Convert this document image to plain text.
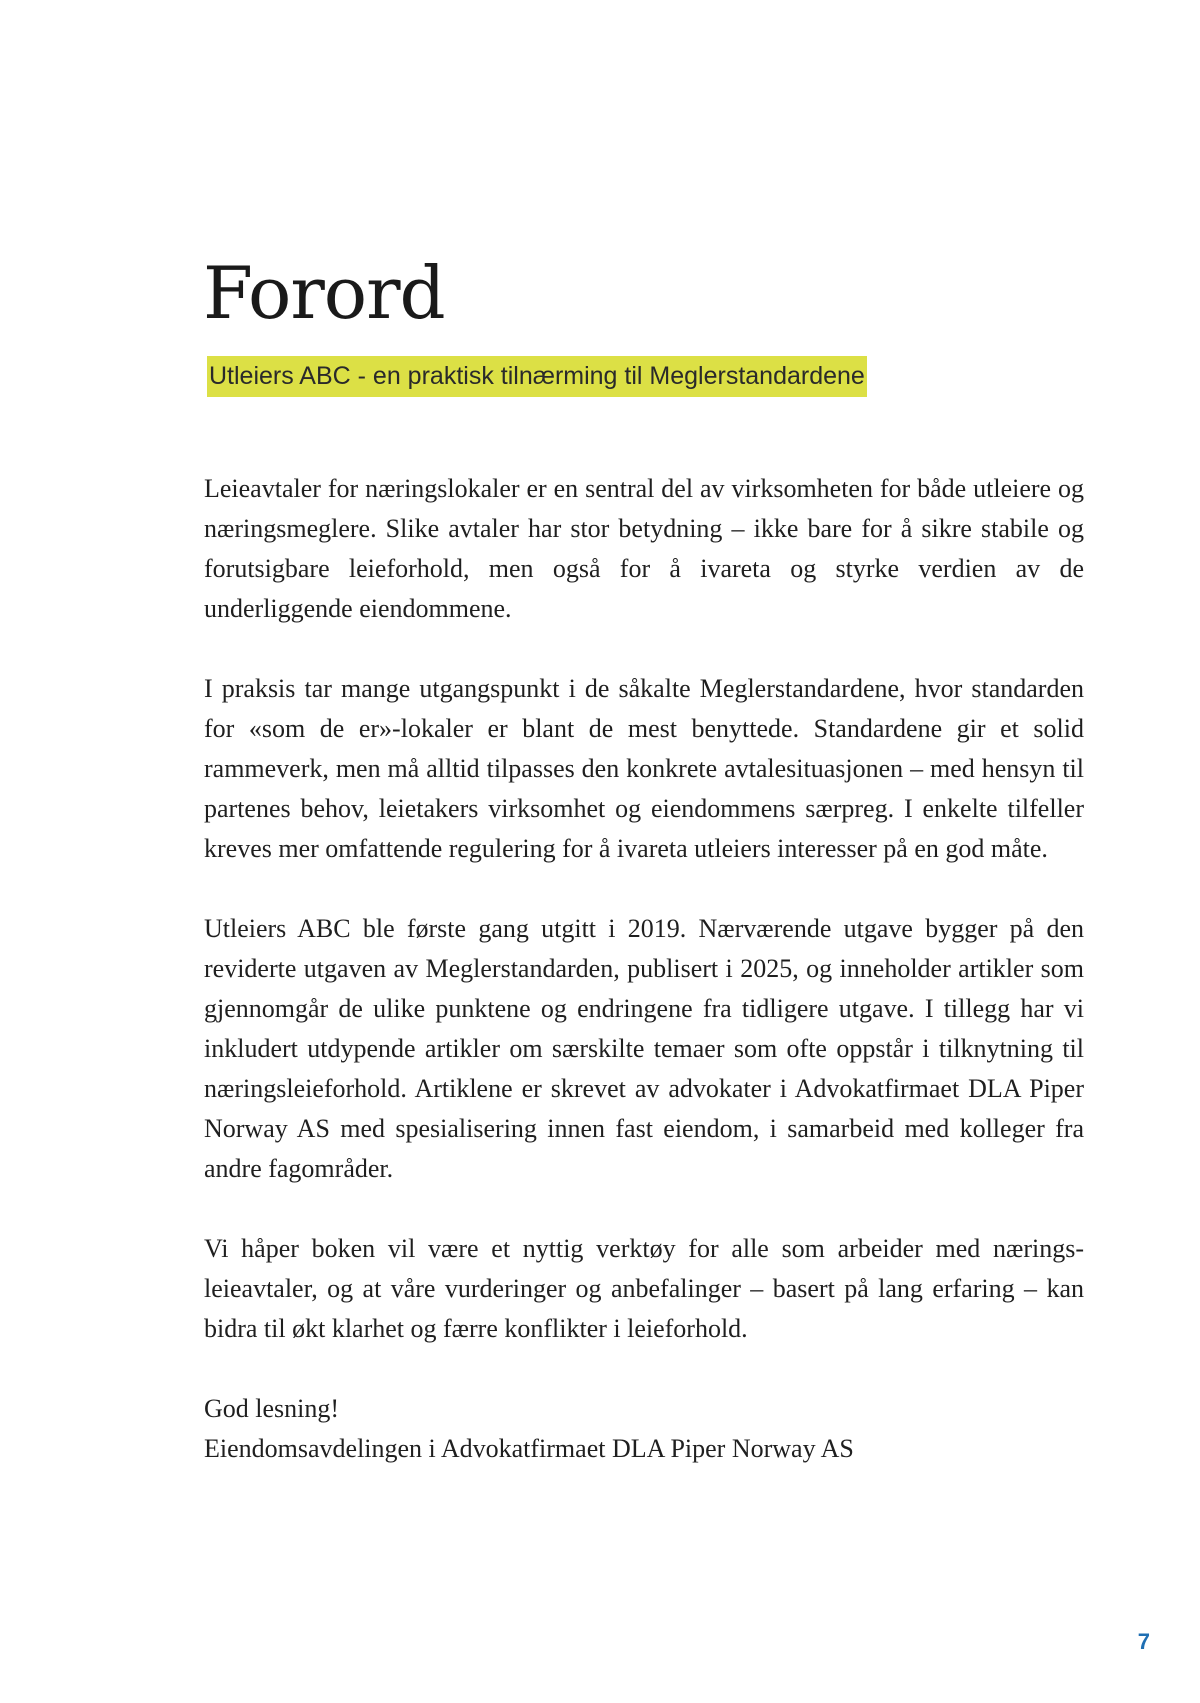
Forord
Utleiers ABC - en praktisk tilnærming til Meglerstandardene

Leieavtaler for næringslokaler er en sentral del av virksomheten for både utleiere og næringsmeglere. Slike avtaler har stor betydning – ikke bare for å sikre stabile og forutsigbare leieforhold, men også for å ivareta og styrke verdien av de underliggende eiendommene.

I praksis tar mange utgangspunkt i de såkalte Meglerstandardene, hvor standarden for «som de er»-lokaler er blant de mest benyttede. Standardene gir et solid rammeverk, men må alltid tilpasses den konkrete avtalesituasjonen – med hensyn til partenes behov, leietakers virksomhet og eiendommens særpreg. I enkelte tilfeller kreves mer omfattende regulering for å ivareta utleiers interesser på en god måte.

Utleiers ABC ble første gang utgitt i 2019. Nærværende utgave bygger på den reviderte utgaven av Meglerstandarden, publisert i 2025, og inneholder artikler som gjennomgår de ulike punktene og endringene fra tidligere utgave. I tillegg har vi inkludert utdypende artikler om særskilte temaer som ofte oppstår i tilknytning til næringsleieforhold. Artiklene er skrevet av advokater i Advokatfirmaet DLA Piper Norway AS med spesialisering innen fast eiendom, i samarbeid med kolleger fra andre fagområder.

Vi håper boken vil være et nyttig verktøy for alle som arbeider med næringsleieavtaler, og at våre vurderinger og anbefalinger – basert på lang erfaring – kan bidra til økt klarhet og færre konflikter i leieforhold.

God lesning!
Eiendomsavdelingen i Advokatfirmaet DLA Piper Norway AS

7
